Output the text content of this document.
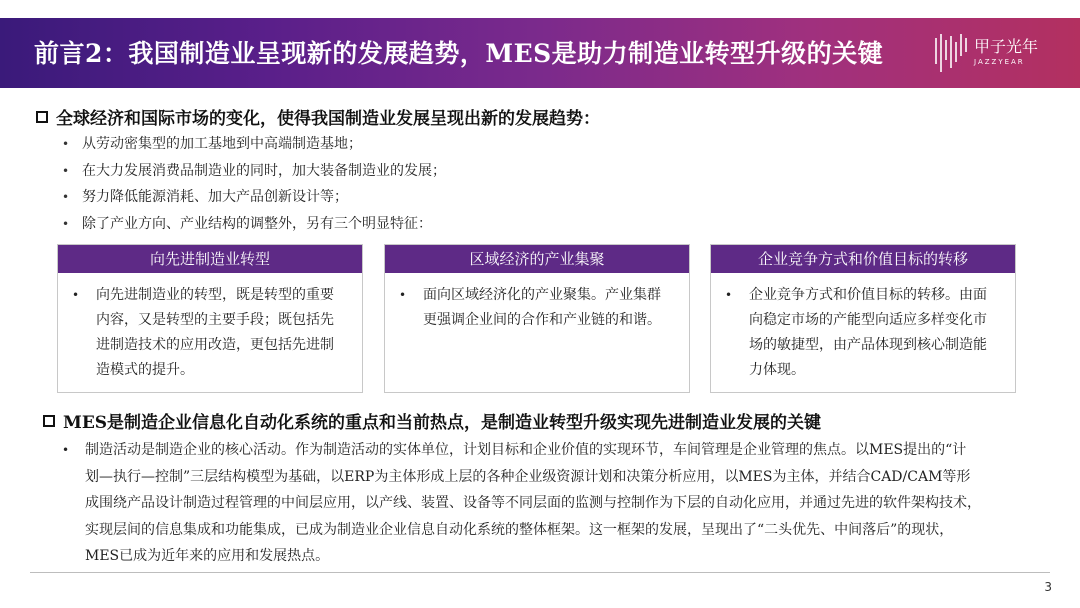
前言2：我国制造业呈现新的发展趋势，MES是助力制造业转型升级的关键	甲子光年
JAZZYEAR
全球经济和国际市场的变化，使得我国制造业发展呈现出新的发展趋势：
• 从劳动密集型的加工基地到中高端制造基地；
• 在大力发展消费品制造业的同时，加大装备制造业的发展；
• 努力降低能源消耗、加大产品创新设计等；
• 除了产业方向、产业结构的调整外，另有三个明显特征：
向先进制造业转型
• 向先进制造业的转型，既是转型的重要
内容，又是转型的主要手段；既包括先
进制造技术的应用改造，更包括先进制
造模式的提升。
区域经济的产业集聚
• 面向区域经济化的产业聚集。产业集群
更强调企业间的合作和产业链的和谐。
企业竞争方式和价值目标的转移
• 企业竞争方式和价值目标的转移。由面
向稳定市场的产能型向适应多样变化市
场的敏捷型，由产品体现到核心制造能
力体现。
MES是制造企业信息化自动化系统的重点和当前热点，是制造业转型升级实现先进制造业发展的关键
•	制造活动是制造企业的核心活动。作为制造活动的实体单位，计划目标和企业价值的实现环节，车间管理是企业管理的焦点。以MES提出的“计
划—执行—控制”三层结构模型为基础，以ERP为主体形成上层的各种企业级资源计划和决策分析应用，以MES为主体，并结合CAD/CAM等形
成围绕产品设计制造过程管理的中间层应用，以产线、装置、设备等不同层面的监测与控制作为下层的自动化应用，并通过先进的软件架构技术，
实现层间的信息集成和功能集成，已成为制造业企业信息自动化系统的整体框架。这一框架的发展，呈现出了“二头优先、中间落后”的现状，
MES已成为近年来的应用和发展热点。
3
